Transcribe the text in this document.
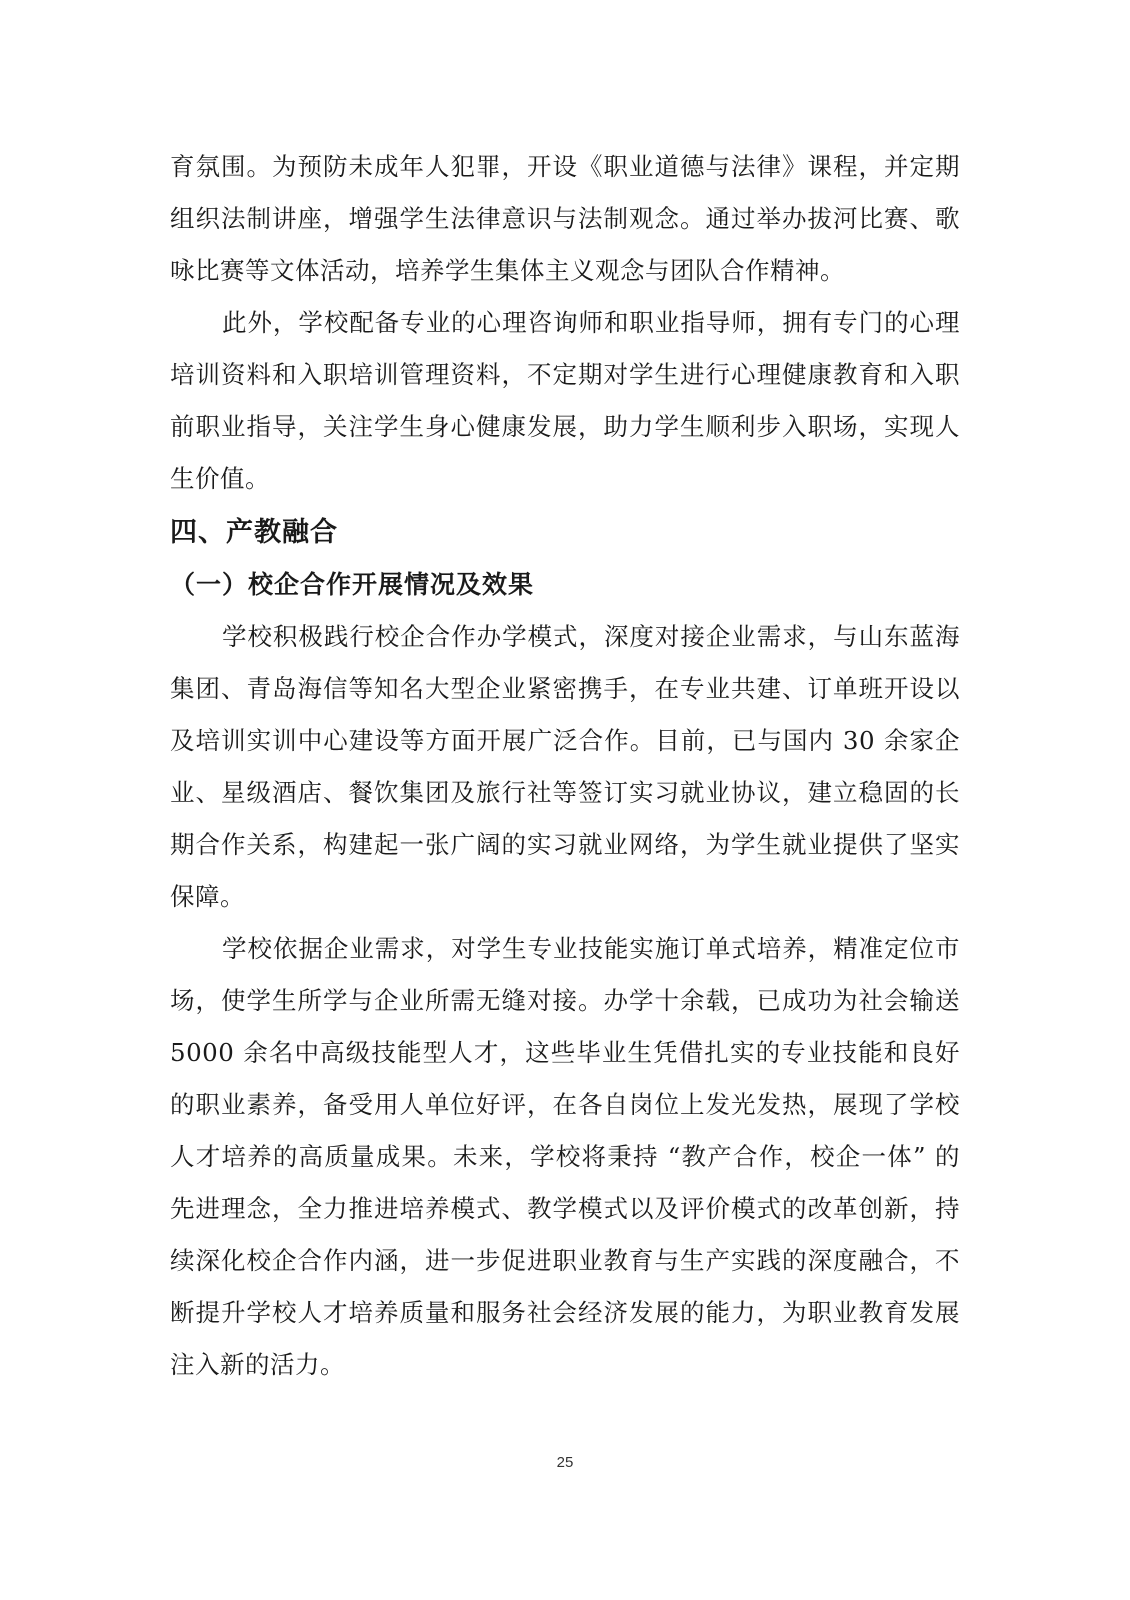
育氛围。为预防未成年人犯罪，开设《职业道德与法律》课程，并定期组织法制讲座，增强学生法律意识与法制观念。通过举办拔河比赛、歌咏比赛等文体活动，培养学生集体主义观念与团队合作精神。

此外，学校配备专业的心理咨询师和职业指导师，拥有专门的心理培训资料和入职培训管理资料，不定期对学生进行心理健康教育和入职前职业指导，关注学生身心健康发展，助力学生顺利步入职场，实现人生价值。

四、产教融合
（一）校企合作开展情况及效果

学校积极践行校企合作办学模式，深度对接企业需求，与山东蓝海集团、青岛海信等知名大型企业紧密携手，在专业共建、订单班开设以及培训实训中心建设等方面开展广泛合作。目前，已与国内 30 余家企业、星级酒店、餐饮集团及旅行社等签订实习就业协议，建立稳固的长期合作关系，构建起一张广阔的实习就业网络，为学生就业提供了坚实保障。

学校依据企业需求，对学生专业技能实施订单式培养，精准定位市场，使学生所学与企业所需无缝对接。办学十余载，已成功为社会输送 5000 余名中高级技能型人才，这些毕业生凭借扎实的专业技能和良好的职业素养，备受用人单位好评，在各自岗位上发光发热，展现了学校人才培养的高质量成果。未来，学校将秉持 “教产合作，校企一体” 的先进理念，全力推进培养模式、教学模式以及评价模式的改革创新，持续深化校企合作内涵，进一步促进职业教育与生产实践的深度融合，不断提升学校人才培养质量和服务社会经济发展的能力，为职业教育发展注入新的活力。

25
